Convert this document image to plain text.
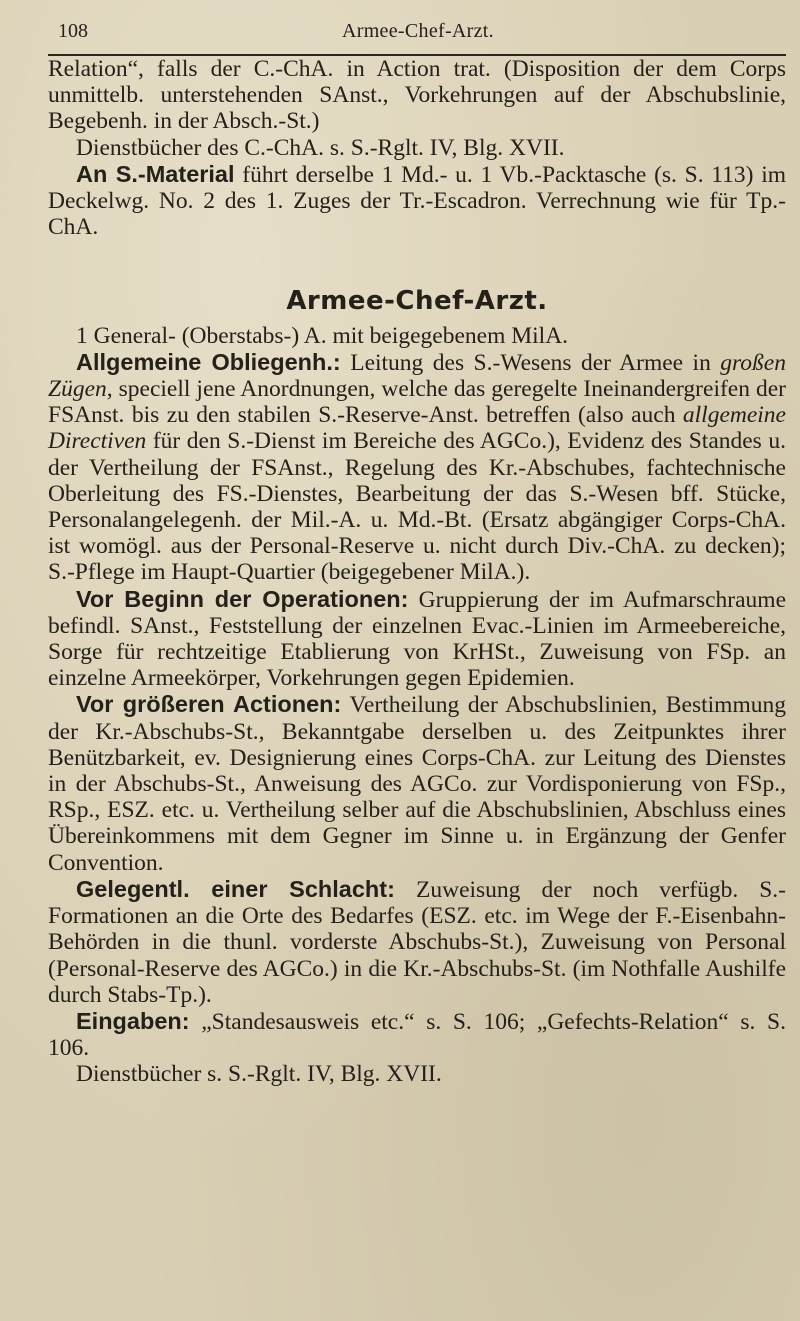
108	Armee-Chef-Arzt.

Relation“, falls der C.-ChA. in Action trat. (Disposition der dem Corps unmittelb. unterstehenden SAnst., Vorkehrungen auf der Abschubslinie, Begebenh. in der Absch.-St.)

Dienstbücher des C.-ChA. s. S.-Rglt. IV, Blg. XVII.

An S.-Material führt derselbe 1 Md.- u. 1 Vb.-Packtasche (s. S. 113) im Deckelwg. No. 2 des 1. Zuges der Tr.-Escadron. Verrechnung wie für Tp.-ChA.

Armee-Chef-Arzt.

1 General- (Oberstabs-) A. mit beigegebenem MilA.

Allgemeine Obliegenh.: Leitung des S.-Wesens der Armee in großen Zügen, speciell jene Anordnungen, welche das geregelte Ineinandergreifen der FSAnst. bis zu den stabilen S.-Reserve-Anst. betreffen (also auch allgemeine Directiven für den S.-Dienst im Bereiche des AGCo.), Evidenz des Standes u. der Vertheilung der FSAnst., Regelung des Kr.-Abschubes, fachtechnische Oberleitung des FS.-Dienstes, Bearbeitung der das S.-Wesen bff. Stücke, Personalangelegenh. der Mil.-A. u. Md.-Bt. (Ersatz abgängiger Corps-ChA. ist womögl. aus der Personal-Reserve u. nicht durch Div.-ChA. zu decken); S.-Pflege im Haupt-Quartier (beigegebener MilA.).

Vor Beginn der Operationen: Gruppierung der im Aufmarschraume befindl. SAnst., Feststellung der einzelnen Evac.-Linien im Armeebereiche, Sorge für rechtzeitige Etablierung von KrHSt., Zuweisung von FSp. an einzelne Armeekörper, Vorkehrungen gegen Epidemien.

Vor größeren Actionen: Vertheilung der Abschubslinien, Bestimmung der Kr.-Abschubs-St., Bekanntgabe derselben u. des Zeitpunktes ihrer Benützbarkeit, ev. Designierung eines Corps-ChA. zur Leitung des Dienstes in der Abschubs-St., Anweisung des AGCo. zur Vordisponierung von FSp., RSp., ESZ. etc. u. Vertheilung selber auf die Abschubslinien, Abschluss eines Übereinkommens mit dem Gegner im Sinne u. in Ergänzung der Genfer Convention.

Gelegentl. einer Schlacht: Zuweisung der noch verfügb. S.-Formationen an die Orte des Bedarfes (ESZ. etc. im Wege der F.-Eisenbahn-Behörden in die thunl. vorderste Abschubs-St.), Zuweisung von Personal (Personal-Reserve des AGCo.) in die Kr.-Abschubs-St. (im Nothfalle Aushilfe durch Stabs-Tp.).

Eingaben: „Standesausweis etc.“ s. S. 106; „Gefechts-Relation“ s. S. 106.

Dienstbücher s. S.-Rglt. IV, Blg. XVII.
